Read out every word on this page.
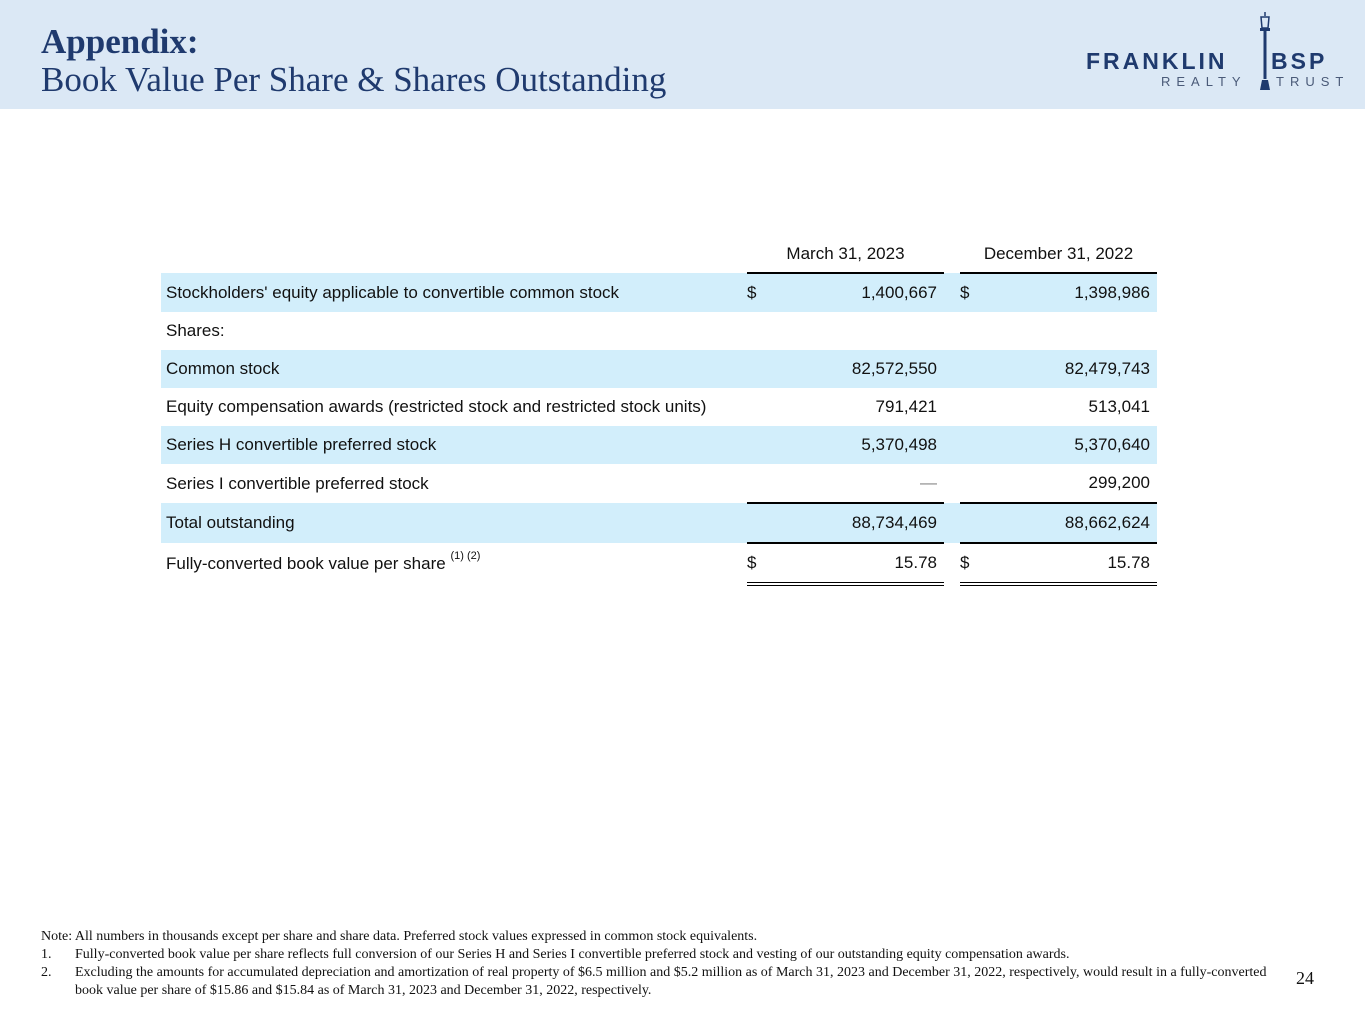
Appendix:
Book Value Per Share & Shares Outstanding	FRANKLIN BSP
REALTY TRUST
		March 31, 2023			December 31, 2022	
Stockholders' equity applicable to convertible common stock		$	1,400,667		$	1,398,986
Shares:						
Common stock			82,572,550			82,479,743
Equity compensation awards (restricted stock and restricted stock units)			791,421			513,041
Series H convertible preferred stock			5,370,498			5,370,640
Series I convertible preferred stock			—			299,200
Total outstanding			88,734,469			88,662,624
Fully-converted book value per share $^{(1) (2)}$		$	15.78		$	15.78
Note: All numbers in thousands except per share and share data. Preferred stock values expressed in common stock equivalents.
1.	Fully-converted book value per share reflects full conversion of our Series H and Series I convertible preferred stock and vesting of our outstanding equity compensation awards.
2.	Excluding the amounts for accumulated depreciation and amortization of real property of $6.5 million and $5.2 million as of March 31, 2023 and December 31, 2022, respectively, would result in a fully-converted book value per share of $15.86 and $15.84 as of March 31, 2023 and December 31, 2022, respectively.
24
